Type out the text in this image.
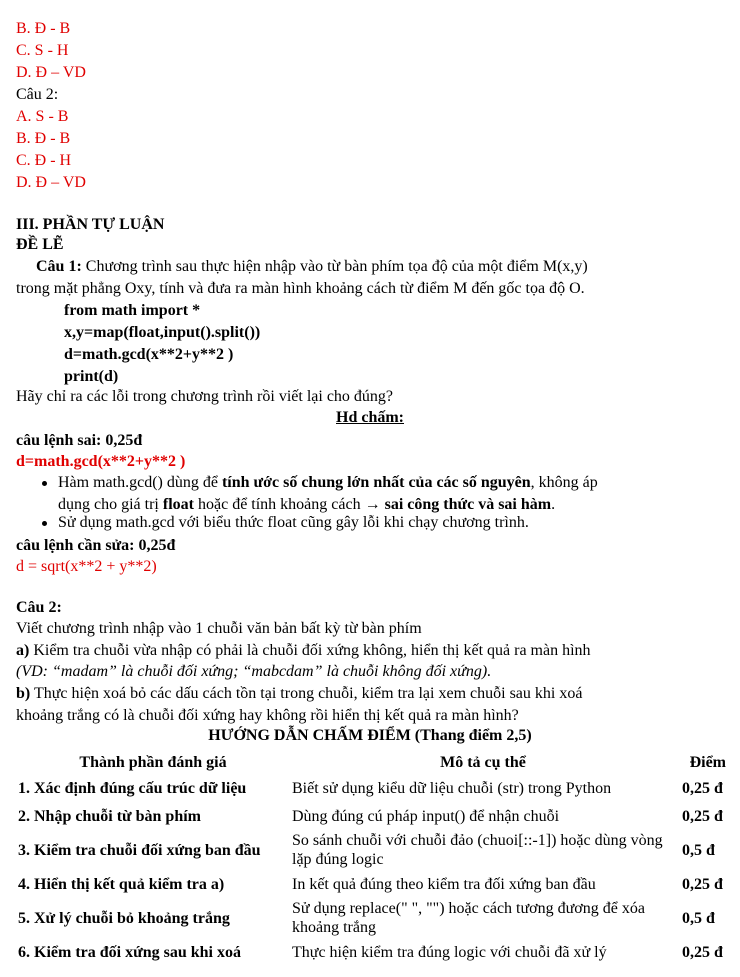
B. Đ - B
C. S - H
D. Đ – VD
Câu 2:
A. S - B
B. Đ - B
C. Đ - H
D. Đ – VD
III. PHẦN TỰ LUẬN
ĐỀ LẼ
Câu 1: Chương trình sau thực hiện nhập vào từ bàn phím tọa độ của một điểm M(x,y)
trong mặt phẳng Oxy, tính và đưa ra màn hình khoảng cách từ điểm M đến gốc tọa độ O.
from math import *
x,y=map(float,input().split())
d=math.gcd(x**2+y**2 )
print(d)
Hãy chỉ ra các lỗi trong chương trình rồi viết lại cho đúng?
Hd chấm:
câu lệnh sai: 0,25đ
d=math.gcd(x**2+y**2 )
Hàm math.gcd() dùng để tính ước số chung lớn nhất của các số nguyên, không áp
dụng cho giá trị float hoặc để tính khoảng cách → sai công thức và sai hàm.
Sử dụng math.gcd với biểu thức float cũng gây lỗi khi chạy chương trình.
câu lệnh cần sửa: 0,25đ
d = sqrt(x**2 + y**2)
Câu 2:
Viết chương trình nhập vào 1 chuỗi văn bản bất kỳ từ bàn phím
a) Kiểm tra chuỗi vừa nhập có phải là chuỗi đối xứng không, hiển thị kết quả ra màn hình
(VD: “madam” là chuỗi đối xứng; “mabcdam” là chuỗi không đối xứng).
b) Thực hiện xoá bỏ các dấu cách tồn tại trong chuỗi, kiểm tra lại xem chuỗi sau khi xoá
khoảng trắng có là chuỗi đối xứng hay không rồi hiển thị kết quả ra màn hình?
HƯỚNG DẪN CHẤM ĐIỂM (Thang điểm 2,5)
Thành phần đánh giá	Mô tả cụ thể	Điểm
1. Xác định đúng cấu trúc dữ liệu	Biết sử dụng kiểu dữ liệu chuỗi (str) trong Python	0,25 đ
2. Nhập chuỗi từ bàn phím	Dùng đúng cú pháp input() để nhận chuỗi	0,25 đ
3. Kiểm tra chuỗi đối xứng ban đầu	So sánh chuỗi với chuỗi đảo (chuoi[::-1]) hoặc dùng vòng lặp đúng logic	0,5 đ
4. Hiển thị kết quả kiểm tra a)	In kết quả đúng theo kiểm tra đối xứng ban đầu	0,25 đ
5. Xử lý chuỗi bỏ khoảng trắng	Sử dụng replace(" ", "") hoặc cách tương đương để xóa khoảng trắng	0,5 đ
6. Kiểm tra đối xứng sau khi xoá	Thực hiện kiểm tra đúng logic với chuỗi đã xử lý	0,25 đ
